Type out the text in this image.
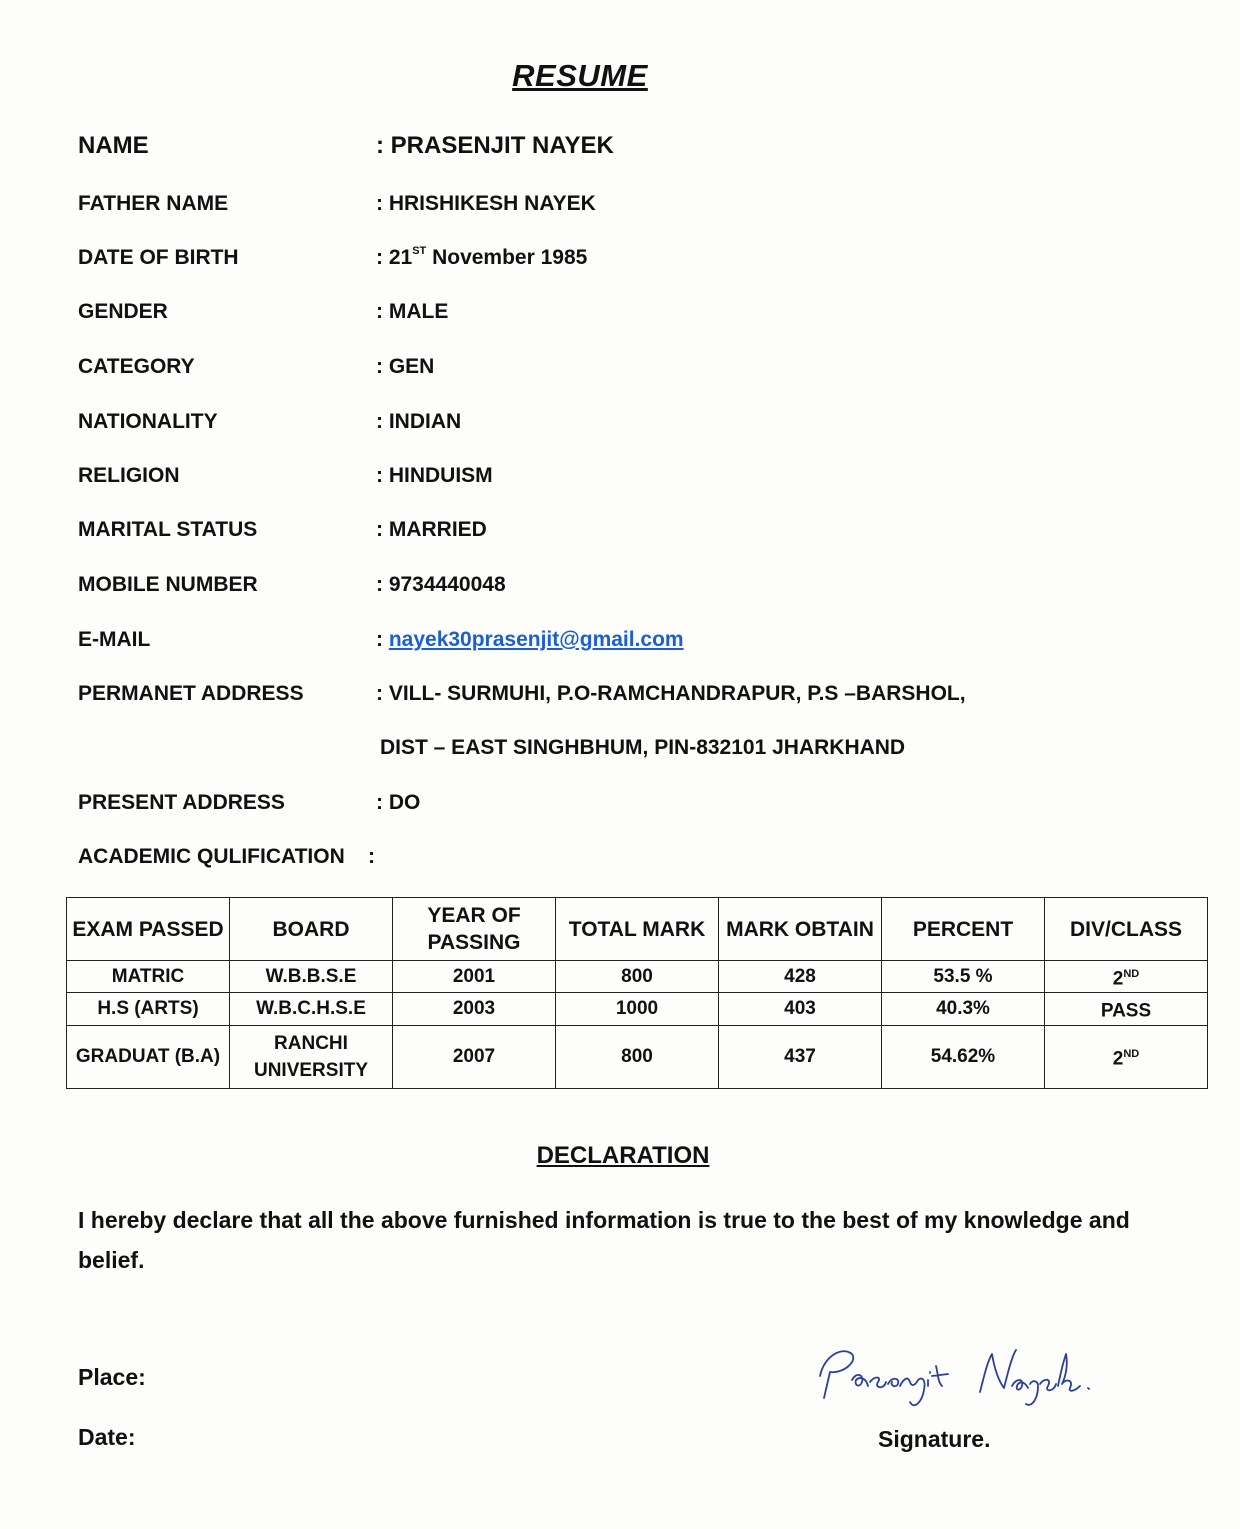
RESUME
NAME	: PRASENJIT NAYEK
FATHER NAME	: HRISHIKESH NAYEK
DATE OF BIRTH	: 21ST November 1985
GENDER	: MALE
CATEGORY	: GEN
NATIONALITY	: INDIAN
RELIGION	: HINDUISM
MARITAL STATUS	: MARRIED
MOBILE NUMBER	: 9734440048
E-MAIL	: nayek30prasenjit@gmail.com
PERMANET ADDRESS	: VILL- SURMUHI, P.O-RAMCHANDRAPUR, P.S –BARSHOL,
DIST – EAST SINGHBHUM, PIN-832101 JHARKHAND
PRESENT ADDRESS	: DO
ACADEMIC QULIFICATION :
EXAM PASSED	BOARD	YEAR OF PASSING	TOTAL MARK	MARK OBTAIN	PERCENT	DIV/CLASS
MATRIC	W.B.B.S.E	2001	800	428	53.5 %	2ND
H.S (ARTS)	W.B.C.H.S.E	2003	1000	403	40.3%	PASS
GRADUAT (B.A)	RANCHI UNIVERSITY	2007	800	437	54.62%	2ND
DECLARATION
I hereby declare that all the above furnished information is true to the best of my knowledge and belief.
Place:
Date:	Signature.
